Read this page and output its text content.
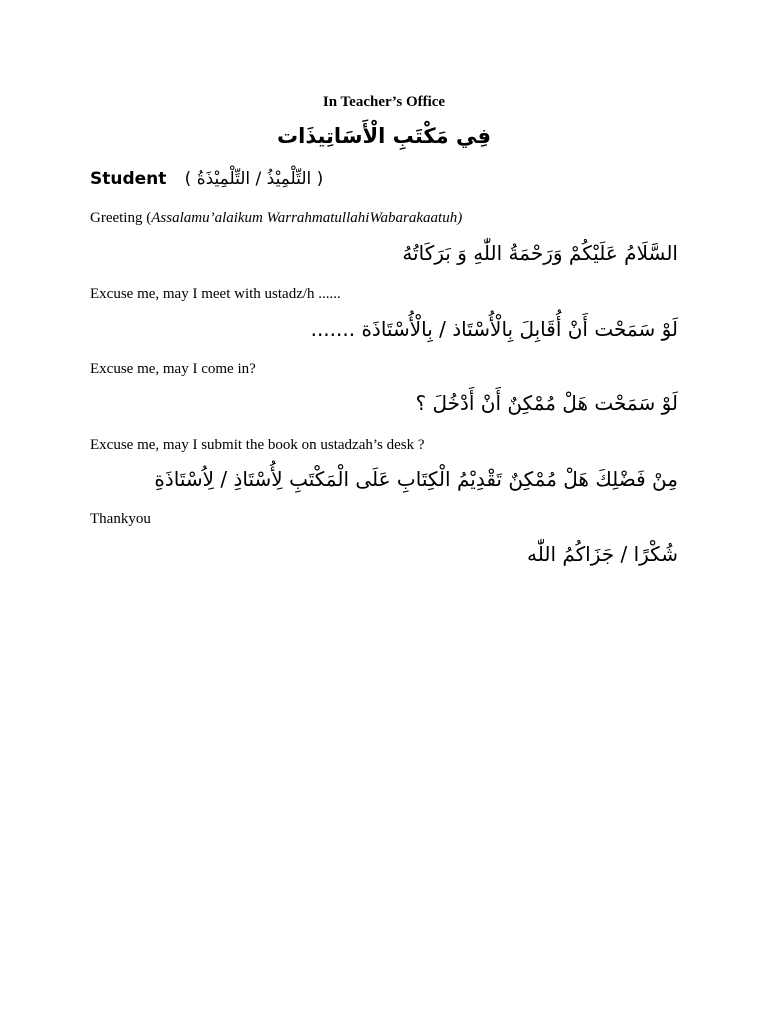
In Teacher’s Office
فِي مَكْتَبِ الْأَسَاتِيذَات
Student ( التِّلْمِيْذُ / التِّلْمِيْذَةُ )
Greeting (Assalamu’alaikum WarrahmatullahiWabarakaatuh)
السَّلَامُ عَلَيْكُمْ وَرَحْمَةُ اللّٰهِ وَ بَرَكَاتُهُ
Excuse me, may I meet with ustadz/h ......
لَوْ سَمَحْت أَنْ أُقَابِلَ بِالْأُسْتَاذ / بِالْأُسْتَاذَة .......
Excuse me, may I come in?
لَوْ سَمَحْت هَلْ مُمْكِنٌ أَنْ أَدْخُلَ ؟
Excuse me, may I submit the book on ustadzah’s desk ?
مِنْ فَضْلِكَ هَلْ مُمْكِنٌ تَقْدِيْمُ الْكِتَابِ عَلَى الْمَكْتَبِ لِأُسْتَاذِ / لِاُسْتَاذَةِ
Thankyou
شُكْرًا / جَزَاكُمُ اللّٰه
